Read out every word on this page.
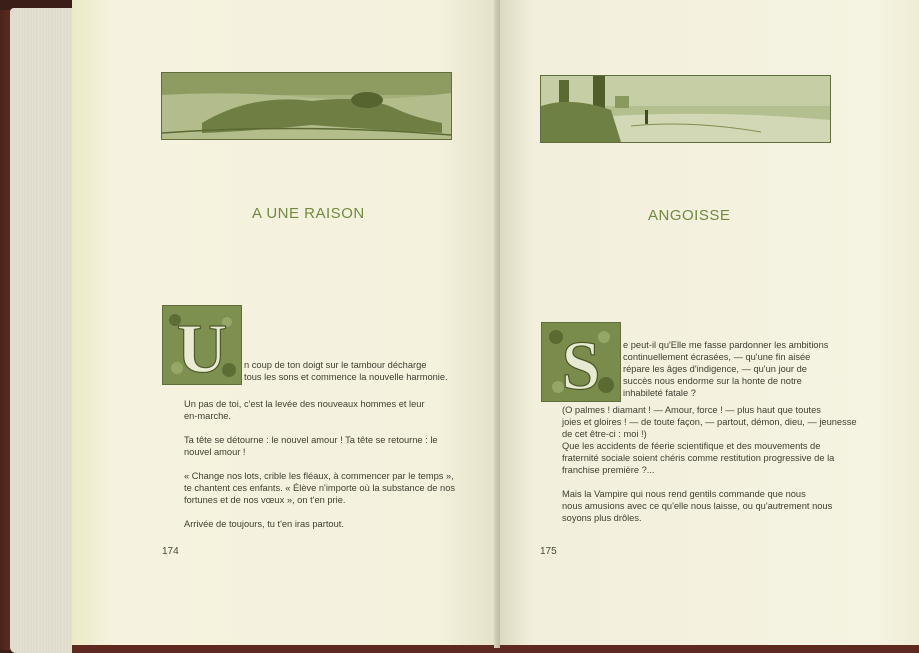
A UNE RAISON
U n coup de ton doigt sur le tambour décharge
tous les sons et commence la nouvelle harmonie.

Un pas de toi, c'est la levée des nouveaux hommes et leur
en-marche.

Ta tête se détourne : le nouvel amour ! Ta tête se retourne : le
nouvel amour !

« Change nos lots, crible les fléaux, à commencer par le temps »,
te chantent ces enfants. « Élève n'importe où la substance de nos
fortunes et de nos vœux », on t'en prie.

Arrivée de toujours, tu t'en iras partout.

174
ANGOISSE
S e peut-il qu'Elle me fasse pardonner les ambitions
continuellement écrasées, — qu'une fin aisée
répare les âges d'indigence, — qu'un jour de
succès nous endorme sur la honte de notre
inhabileté fatale ?

(O palmes ! diamant ! — Amour, force ! — plus haut que toutes
joies et gloires ! — de toute façon, — partout, démon, dieu, — jeunesse
de cet être-ci : moi !)

Que les accidents de féerie scientifique et des mouvements de
fraternité sociale soient chéris comme restitution progressive de la
franchise première ?...

Mais la Vampire qui nous rend gentils commande que nous
nous amusions avec ce qu'elle nous laisse, ou qu'autrement nous
soyons plus drôles.

175
